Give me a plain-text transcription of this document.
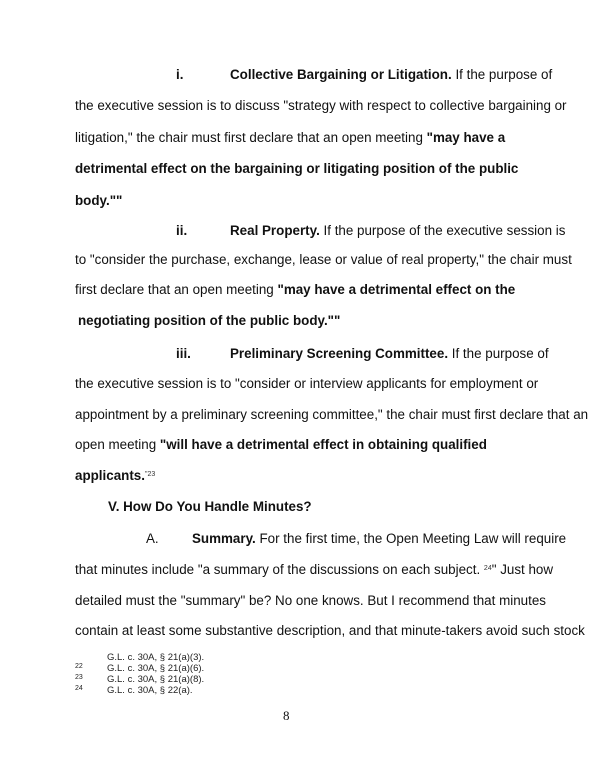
i.	Collective Bargaining or Litigation. If the purpose of
the executive session is to discuss "strategy with respect to collective bargaining or
litigation," the chair must first declare that an open meeting "may have a
detrimental effect on the bargaining or litigating position of the public
body.""
ii.	Real Property. If the purpose of the executive session is
to "consider the purchase, exchange, lease or value of real property," the chair must
first declare that an open meeting "may have a detrimental effect on the
negotiating position of the public body.""
iii.	Preliminary Screening Committee. If the purpose of
the executive session is to "consider or interview applicants for employment or
appointment by a preliminary screening committee," the chair must first declare that an
open meeting "will have a detrimental effect in obtaining qualified
applicants.$^{"23}$
V. How Do You Handle Minutes?
A. Summary. For the first time, the Open Meeting Law will require
that minutes include "a summary of the discussions on each subject. $^{24}$" Just how
detailed must the "summary" be? No one knows. But I recommend that minutes
contain at least some substantive description, and that minute-takers avoid such stock
G.L. c. 30A, § 21(a)(3).
22	G.L. c. 30A, § 21(a)(6).
23	G.L. c. 30A, § 21(a)(8).
24	G.L. c. 30A, § 22(a).
8
